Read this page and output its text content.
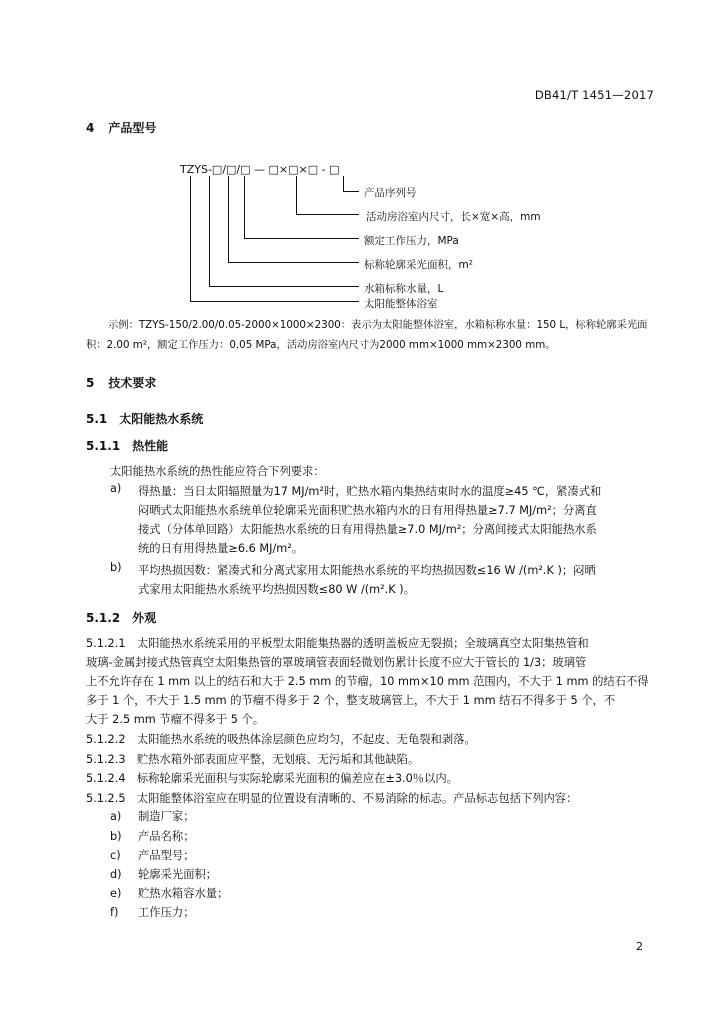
DB41/T 1451—2017
4 产品型号
TZYS-□/□/□ — □×□×□ - □
产品序列号
活动房浴室内尺寸，长×宽×高，mm
额定工作压力，MPa
标称轮廓采光面积，m²
水箱标称水量，L
太阳能整体浴室
示例：TZYS-150/2.00/0.05-2000×1000×2300：表示为太阳能整体浴室，水箱标称水量：150 L，标称轮廓采光面
积：2.00 m²，额定工作压力：0.05 MPa，活动房浴室内尺寸为2000 mm×1000 mm×2300 mm。
5 技术要求
5.1 太阳能热水系统
5.1.1 热性能
太阳能热水系统的热性能应符合下列要求：
a) 得热量：当日太阳辐照量为17 MJ/m²时，贮热水箱内集热结束时水的温度≥45 ℃，紧凑式和
闷晒式太阳能热水系统单位轮廓采光面积贮热水箱内水的日有用得热量≥7.7 MJ/m²；分离直
接式（分体单回路）太阳能热水系统的日有用得热量≥7.0 MJ/m²；分离间接式太阳能热水系
统的日有用得热量≥6.6 MJ/m²。
b) 平均热损因数：紧凑式和分离式家用太阳能热水系统的平均热损因数≤16 W /(m².K )；闷晒
式家用太阳能热水系统平均热损因数≤80 W /(m².K )。
5.1.2 外观
5.1.2.1　太阳能热水系统采用的平板型太阳能集热器的透明盖板应无裂损；全玻璃真空太阳集热管和
玻璃-金属封接式热管真空太阳集热管的罩玻璃管表面轻微划伤累计长度不应大于管长的 1/3；玻璃管
上不允许存在 1 mm 以上的结石和大于 2.5 mm 的节瘤，10 mm×10 mm 范围内，不大于 1 mm 的结石不得
多于 1 个，不大于 1.5 mm 的节瘤不得多于 2 个，整支玻璃管上，不大于 1 mm 结石不得多于 5 个，不
大于 2.5 mm 节瘤不得多于 5 个。
5.1.2.2　太阳能热水系统的吸热体涂层颜色应均匀，不起皮、无龟裂和剥落。
5.1.2.3　贮热水箱外部表面应平整，无划痕、无污垢和其他缺陷。
5.1.2.4　标称轮廓采光面积与实际轮廓采光面积的偏差应在±3.0％以内。
5.1.2.5　太阳能整体浴室应在明显的位置设有清晰的、不易消除的标志。产品标志包括下列内容：
a) 制造厂家；
b) 产品名称；
c) 产品型号；
d) 轮廓采光面积；
e) 贮热水箱容水量；
f) 工作压力；
2
